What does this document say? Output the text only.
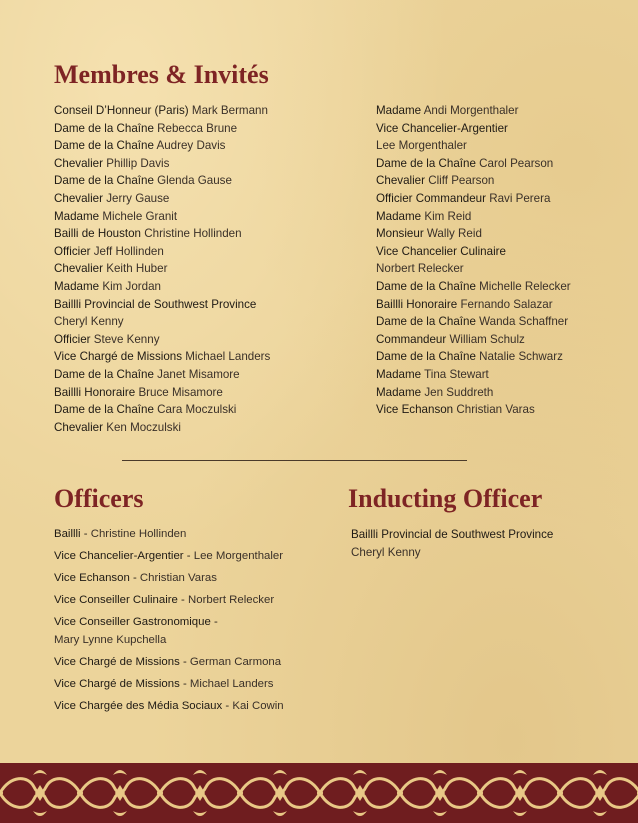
Membres & Invités
Conseil D’Honneur (Paris) Mark Bermann
Dame de la Chaîne Rebecca Brune
Dame de la Chaîne Audrey Davis
Chevalier Phillip Davis
Dame de la Chaîne Glenda Gause
Chevalier Jerry Gause
Madame Michele Granit
Bailli de Houston Christine Hollinden
Officier Jeff Hollinden
Chevalier Keith Huber
Madame Kim Jordan
Baillli Provincial de Southwest Province
Cheryl Kenny
Officier Steve Kenny
Vice Chargé de Missions Michael Landers
Dame de la Chaîne Janet Misamore
Baillli Honoraire Bruce Misamore
Dame de la Chaîne Cara Moczulski
Chevalier Ken Moczulski
Madame Andi Morgenthaler
Vice Chancelier-Argentier
Lee Morgenthaler
Dame de la Chaîne Carol Pearson
Chevalier Cliff Pearson
Officier Commandeur Ravi Perera
Madame Kim Reid
Monsieur Wally Reid
Vice Chancelier Culinaire
Norbert Relecker
Dame de la Chaîne Michelle Relecker
Baillli Honoraire Fernando Salazar
Dame de la Chaîne Wanda Schaffner
Commandeur William Schulz
Dame de la Chaîne Natalie Schwarz
Madame Tina Stewart
Madame Jen Suddreth
Vice Echanson Christian Varas
Officers
Baillli - Christine Hollinden
Vice Chancelier-Argentier - Lee Morgenthaler
Vice Echanson - Christian Varas
Vice Conseiller Culinaire - Norbert Relecker
Vice Conseiller Gastronomique -
Mary Lynne Kupchella
Vice Chargé de Missions - German Carmona
Vice Chargé de Missions - Michael Landers
Vice Chargée des Média Sociaux - Kai Cowin
Inducting Officer
Baillli Provincial de Southwest Province
Cheryl Kenny
